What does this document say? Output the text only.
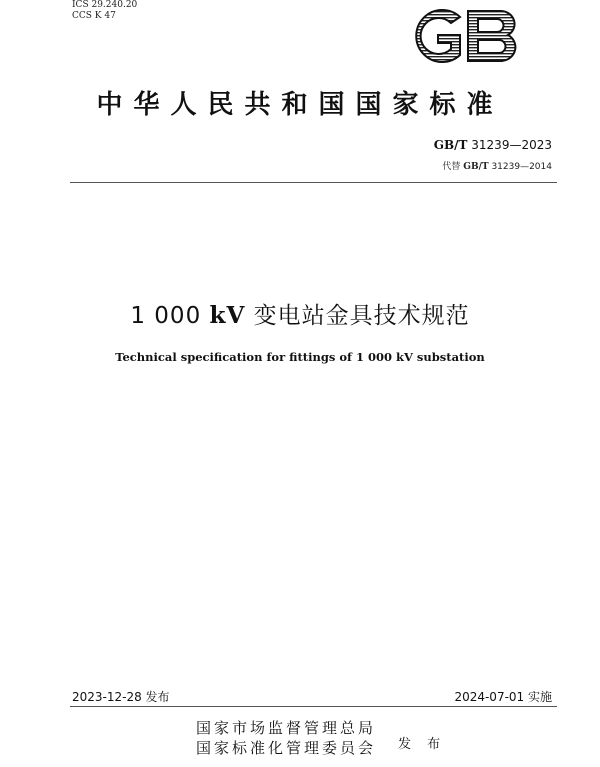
ICS 29.240.20
CCS K 47
中华人民共和国国家标准
GB/T 31239—2023
代替 GB/T 31239—2014
1 000 kV 变电站金具技术规范
Technical specification for fittings of 1 000 kV substation
2023-12-28 发布	2024-07-01 实施
国家市场监督管理总局
国家标准化管理委员会 发 布
